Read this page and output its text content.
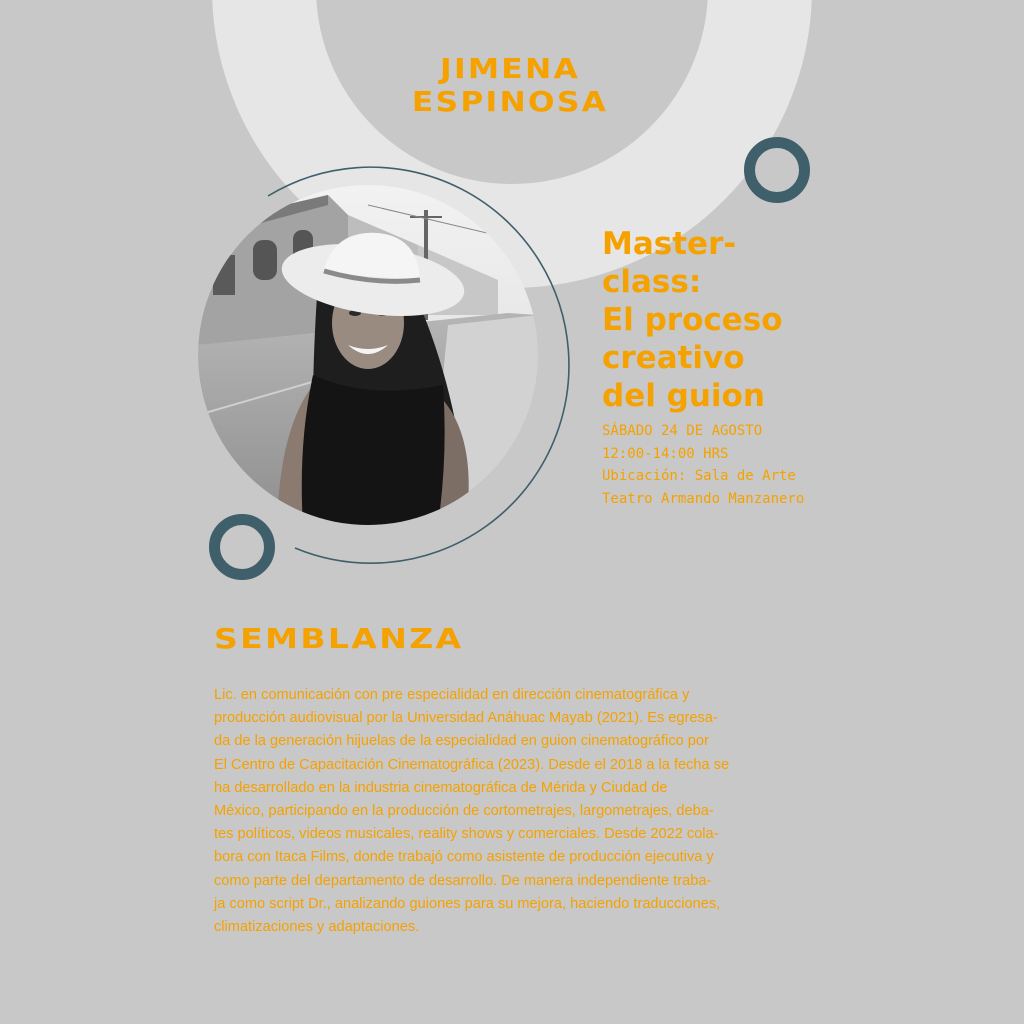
JIMENA
ESPINOSA
Master-
class:
El proceso
creativo
del guion
SÁBADO 24 DE AGOSTO
12:00-14:00 HRS
Ubicación: Sala de Arte
Teatro Armando Manzanero
SEMBLANZA
Lic. en comunicación con pre especialidad en dirección cinematográfica y
producción audiovisual por la Universidad Anáhuac Mayab (2021). Es egresa-
da de la generación hijuelas de la especialidad en guion cinematográfico por
El Centro de Capacitación Cinematográfica (2023). Desde el 2018 a la fecha se
ha desarrollado en la industria cinematográfica de Mérida y Ciudad de
México, participando en la producción de cortometrajes, largometrajes, deba-
tes políticos, videos musicales, reality shows y comerciales. Desde 2022 cola-
bora con Itaca Films, donde trabajó como asistente de producción ejecutiva y
como parte del departamento de desarrollo. De manera independiente traba-
ja como script Dr., analizando guiones para su mejora, haciendo traducciones,
climatizaciones y adaptaciones.
